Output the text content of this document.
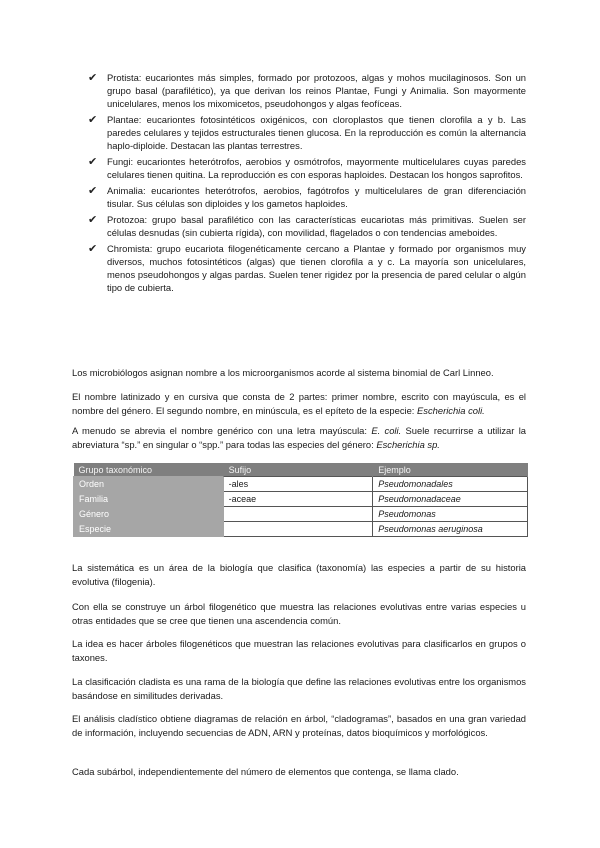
✔ Protista: eucariontes más simples, formado por protozoos, algas y mohos mucilaginosos. Son un grupo basal (parafilético), ya que derivan los reinos Plantae, Fungi y Animalia. Son mayormente unicelulares, menos los mixomicetos, pseudohongos y algas feofíceas.
✔ Plantae: eucariontes fotosintéticos oxigénicos, con cloroplastos que tienen clorofila a y b. Las paredes celulares y tejidos estructurales tienen glucosa. En la reproducción es común la alternancia haplo-diploide. Destacan las plantas terrestres.
✔ Fungi: eucariontes heterótrofos, aerobios y osmótrofos, mayormente multicelulares cuyas paredes celulares tienen quitina. La reproducción es con esporas haploides. Destacan los hongos saprofitos.
✔ Animalia: eucariontes heterótrofos, aerobios, fagótrofos y multicelulares de gran diferenciación tisular. Sus células son diploides y los gametos haploides.
✔ Protozoa: grupo basal parafilético con las características eucariotas más primitivas. Suelen ser células desnudas (sin cubierta rígida), con movilidad, flagelados o con tendencias ameboides.
✔ Chromista: grupo eucariota filogenéticamente cercano a Plantae y formado por organismos muy diversos, muchos fotosintéticos (algas) que tienen clorofila a y c. La mayoría son unicelulares, menos pseudohongos y algas pardas. Suelen tener rigidez por la presencia de pared celular o algún tipo de cubierta.
Los microbiólogos asignan nombre a los microorganismos acorde al sistema binomial de Carl Linneo.
El nombre latinizado y en cursiva que consta de 2 partes: primer nombre, escrito con mayúscula, es el nombre del género. El segundo nombre, en minúscula, es el epíteto de la especie: Escherichia coli.
A menudo se abrevia el nombre genérico con una letra mayúscula: E. coli. Suele recurrirse a utilizar la abreviatura “sp.” en singular o “spp.” para todas las especies del género: Escherichia sp.
Grupo taxonómico	Sufijo	Ejemplo
Orden	-ales	Pseudomonadales
Familia	-aceae	Pseudomonadaceae
Género		Pseudomonas
Especie		Pseudomonas aeruginosa
La sistemática es un área de la biología que clasifica (taxonomía) las especies a partir de su historia evolutiva (filogenia).
Con ella se construye un árbol filogenético que muestra las relaciones evolutivas entre varias especies u otras entidades que se cree que tienen una ascendencia común.
La idea es hacer árboles filogenéticos que muestran las relaciones evolutivas para clasificarlos en grupos o taxones.
La clasificación cladista es una rama de la biología que define las relaciones evolutivas entre los organismos basándose en similitudes derivadas.
El análisis cladístico obtiene diagramas de relación en árbol, “cladogramas”, basados en una gran variedad de información, incluyendo secuencias de ADN, ARN y proteínas, datos bioquímicos y morfológicos.
Cada subárbol, independientemente del número de elementos que contenga, se llama clado.
